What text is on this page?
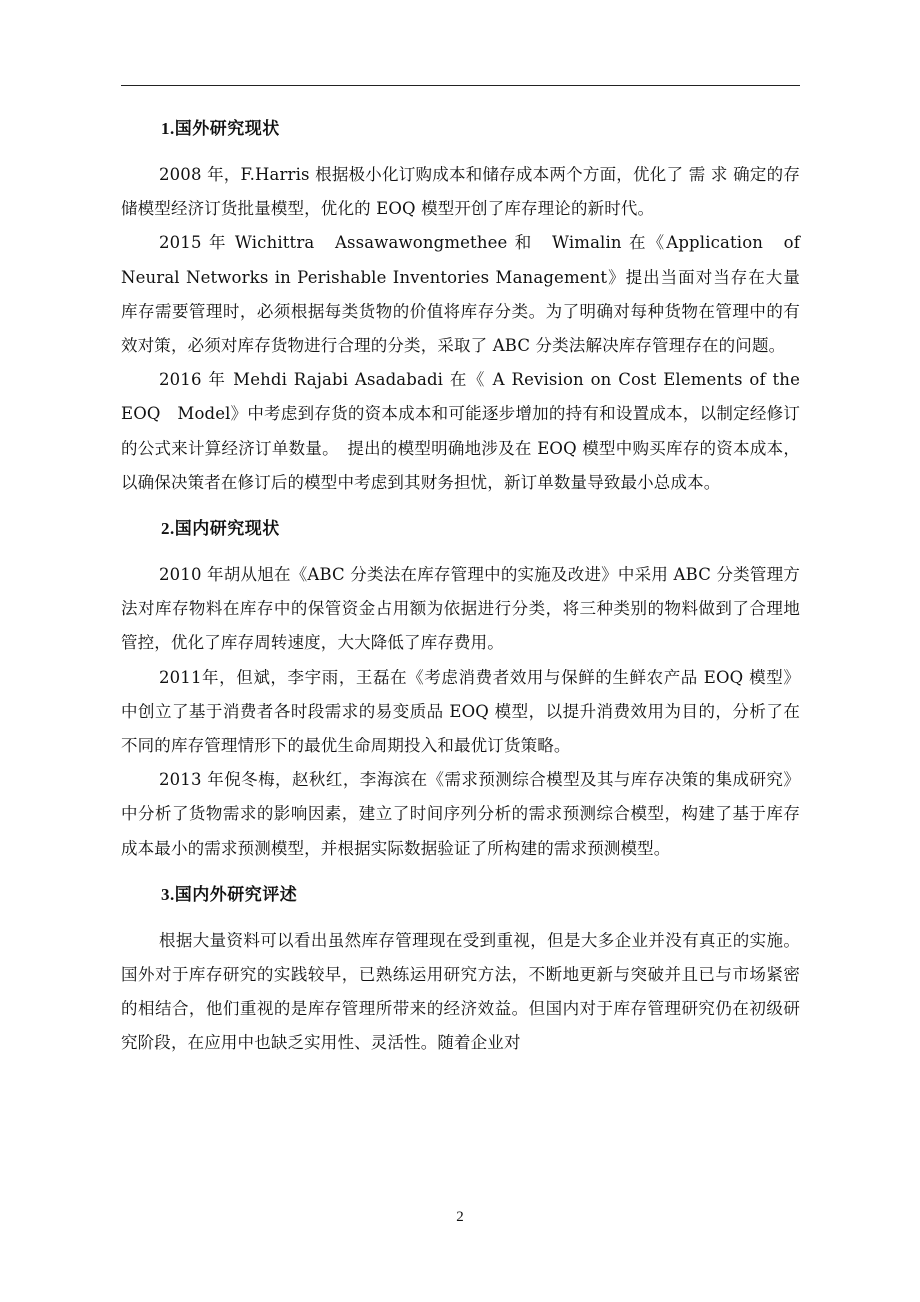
1.国外研究现状

2008 年，F.Harris 根据极小化订购成本和储存成本两个方面，优化了 需 求 确定的存储模型经济订货批量模型，优化的 EOQ 模型开创了库存理论的新时代。

2015 年 Wichittra　Assawawongmethee 和　Wimalin 在《Application　of Neural Networks in Perishable Inventories Management》提出当面对当存在大量库存需要管理时，必须根据每类货物的价值将库存分类。为了明确对每种货物在管理中的有效对策，必须对库存货物进行合理的分类，采取了 ABC 分类法解决库存管理存在的问题。

2016 年 Mehdi Rajabi Asadabadi 在《 A Revision on Cost Elements of the EOQ　Model》中考虑到存货的资本成本和可能逐步增加的持有和设置成本，以制定经修订的公式来计算经济订单数量。　提出的模型明确地涉及在 EOQ 模型中购买库存的资本成本，以确保决策者在修订后的模型中考虑到其财务担忧，新订单数量导致最小总成本。

2.国内研究现状

2010 年胡从旭在《ABC 分类法在库存管理中的实施及改进》中采用 ABC 分类管理方法对库存物料在库存中的保管资金占用额为依据进行分类，将三种类别的物料做到了合理地管控，优化了库存周转速度，大大降低了库存费用。

2011年，但斌，李宇雨，王磊在《考虑消费者效用与保鲜的生鲜农产品 EOQ 模型》中创立了基于消费者各时段需求的易变质品 EOQ 模型，以提升消费效用为目的，分析了在不同的库存管理情形下的最优生命周期投入和最优订货策略。

2013 年倪冬梅，赵秋红，李海滨在《需求预测综合模型及其与库存决策的集成研究》中分析了货物需求的影响因素，建立了时间序列分析的需求预测综合模型，构建了基于库存成本最小的需求预测模型，并根据实际数据验证了所构建的需求预测模型。

3.国内外研究评述

根据大量资料可以看出虽然库存管理现在受到重视，但是大多企业并没有真正的实施。国外对于库存研究的实践较早，已熟练运用研究方法，不断地更新与突破并且已与市场紧密的相结合，他们重视的是库存管理所带来的经济效益。但国内对于库存管理研究仍在初级研究阶段，在应用中也缺乏实用性、灵活性。随着企业对

2
